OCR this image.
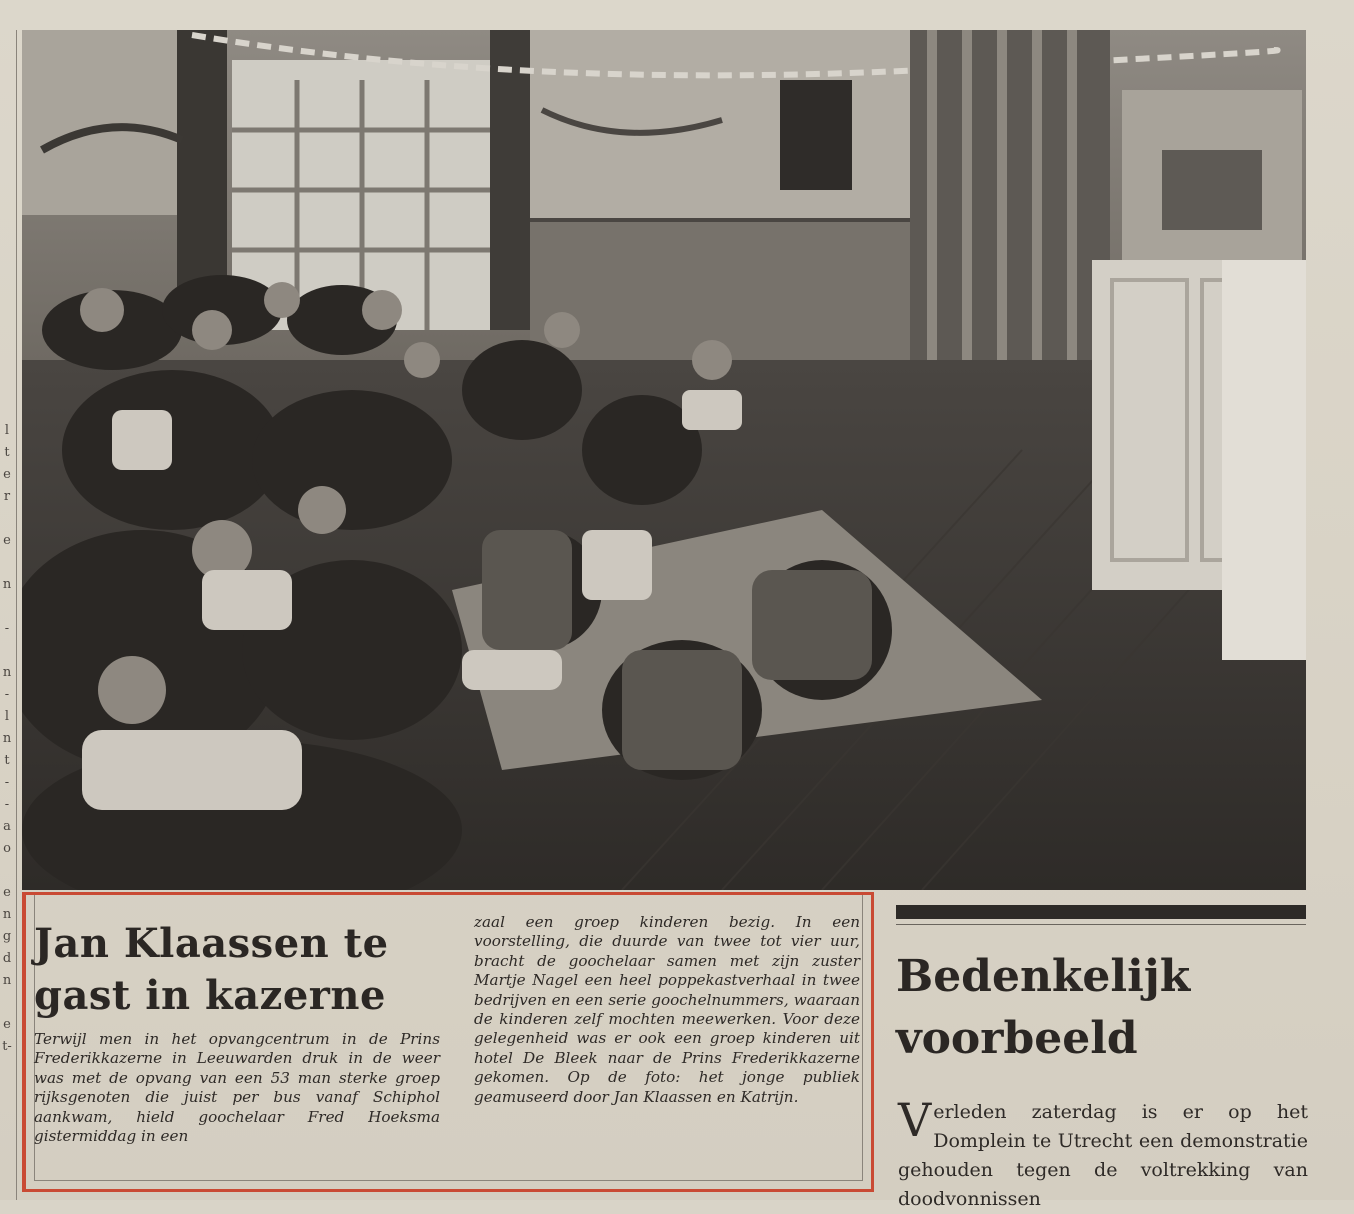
l
t
e
r

e

n

-

n
-
l
n
t
-
-
a
o

e
n
g
d
n

e
t-
Jan Klaassen te gast in kazerne
Terwijl men in het opvangcentrum in de Prins Frederikkazerne in Leeuwarden druk in de weer was met de opvang van een 53 man sterke groep rijksgenoten die juist per bus vanaf Schiphol aankwam, hield goochelaar Fred Hoeksma gistermiddag in een
zaal een groep kinderen bezig. In een voorstelling, die duurde van twee tot vier uur, bracht de goochelaar samen met zijn zuster Martje Nagel een heel poppekastverhaal in twee bedrijven en een serie goochelnummers, waaraan de kinderen zelf mochten meewerken. Voor deze gelegenheid was er ook een groep kinderen uit hotel De Bleek naar de Prins Frederikkazerne gekomen. Op de foto: het jonge publiek geamuseerd door Jan Klaassen en Katrijn.
Bedenkelijk voorbeeld
Verleden zaterdag is er op het Domplein te Utrecht een demonstratie gehouden tegen de voltrekking van doodvonnissen
